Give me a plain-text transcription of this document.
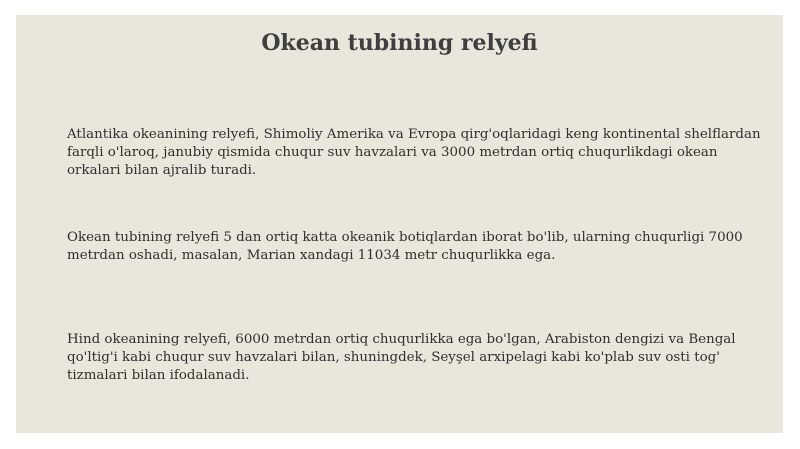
Okean tubining relyefi

Atlantika okeanining relyefi, Shimoliy Amerika va Evropa qirg'oqlaridagi keng kontinental shelflardan farqli o'laroq, janubiy qismida chuqur suv havzalari va 3000 metrdan ortiq chuqurlikdagi okean orkalari bilan ajralib turadi.

Okean tubining relyefi 5 dan ortiq katta okeanik botiqlardan iborat bo'lib, ularning chuqurligi 7000 metrdan oshadi, masalan, Marian xandagi 11034 metr chuqurlikka ega.

Hind okeanining relyefi, 6000 metrdan ortiq chuqurlikka ega bo'lgan, Arabiston dengizi va Bengal qo'ltig'i kabi chuqur suv havzalari bilan, shuningdek, Seyşel arxipelagi kabi ko'plab suv osti tog' tizmalari bilan ifodalanadi.
